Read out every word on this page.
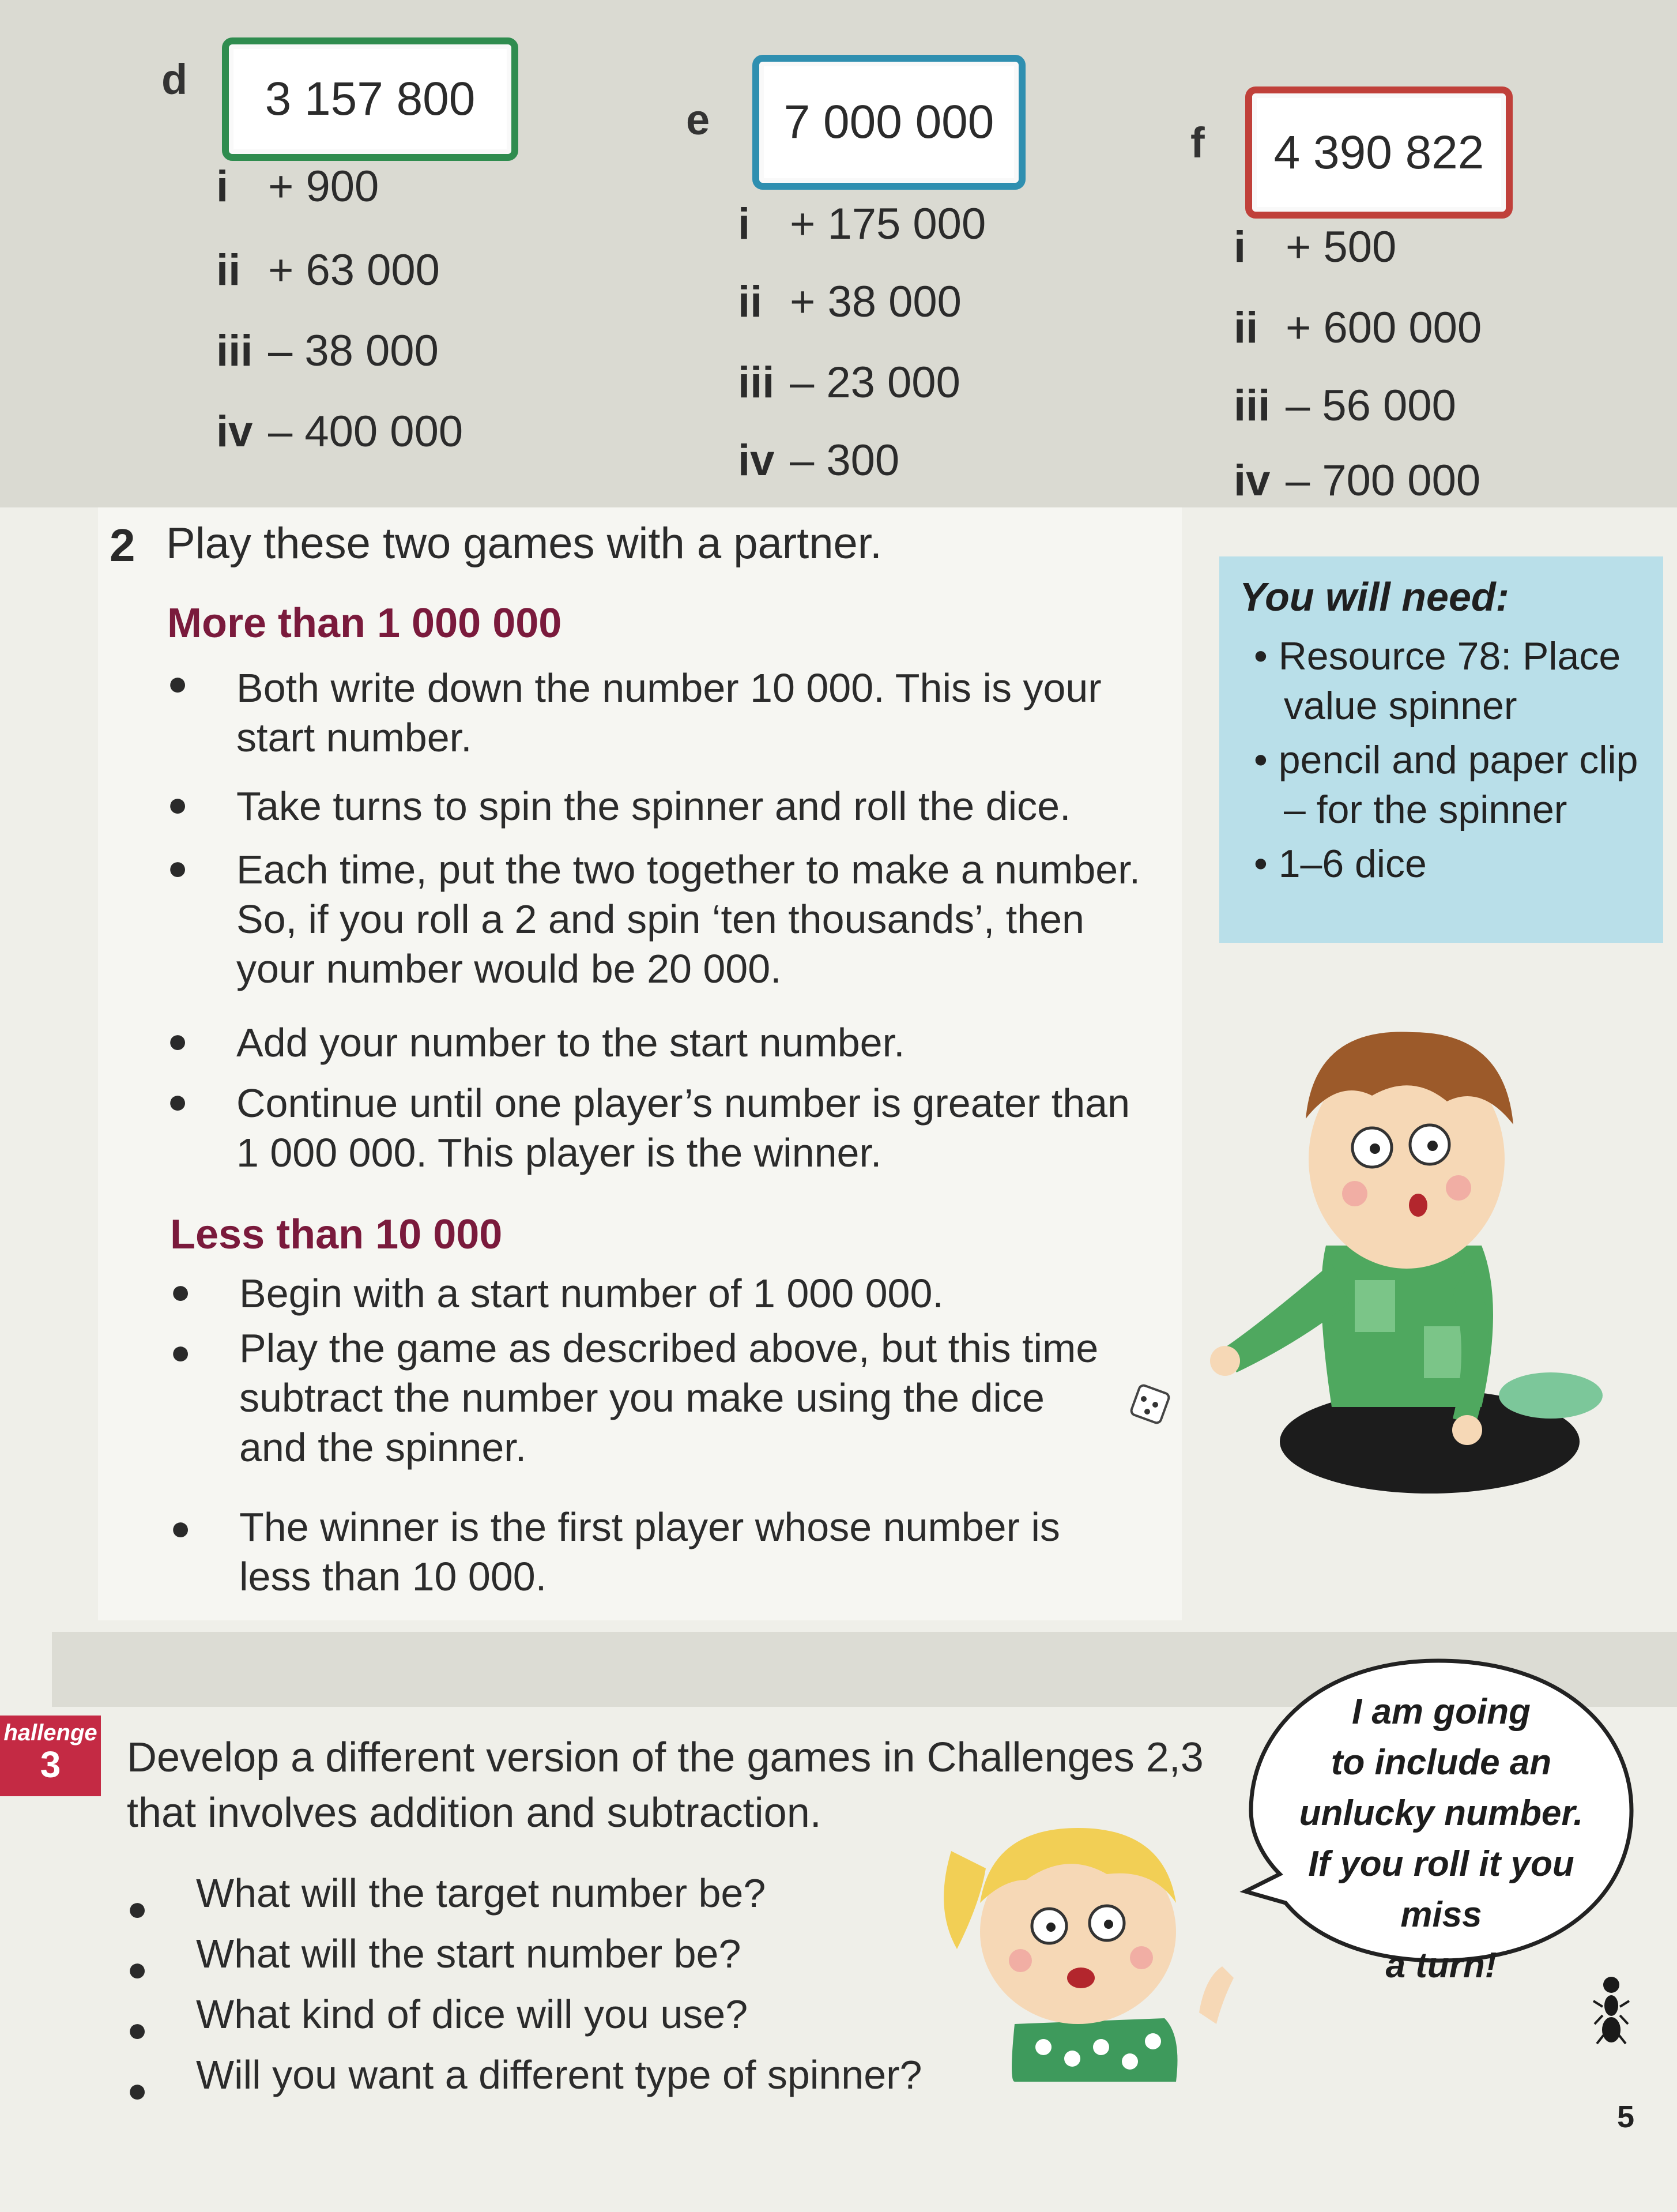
d 3 157 800
i + 900
ii + 63 000
iii – 38 000
iv – 400 000
e 7 000 000
i + 175 000
ii + 38 000
iii – 23 000
iv – 300
f 4 390 822
i + 500
ii + 600 000
iii – 56 000
iv – 700 000
2 Play these two games with a partner.
More than 1 000 000
● Both write down the number 10 000. This is your
start number.
● Take turns to spin the spinner and roll the dice.
● Each time, put the two together to make a number.
So, if you roll a 2 and spin ‘ten thousands’, then
your number would be 20 000.
● Add your number to the start number.
● Continue until one player’s number is greater than
1 000 000. This player is the winner.
Less than 10 000
● Begin with a start number of 1 000 000.
● Play the game as described above, but this time
subtract the number you make using the dice
and the spinner.
● The winner is the first player whose number is
less than 10 000.
You will need:
• Resource 78: Place
value spinner
• pencil and paper clip
– for the spinner
• 1–6 dice
hallenge
3	Develop a different version of the games in Challenges 2,3
that involves addition and subtraction.
● What will the target number be?
● What will the start number be?
● What kind of dice will you use?
● Will you want a different type of spinner?
I am going
to include an
unlucky number.
If you roll it you miss
a turn!
5
